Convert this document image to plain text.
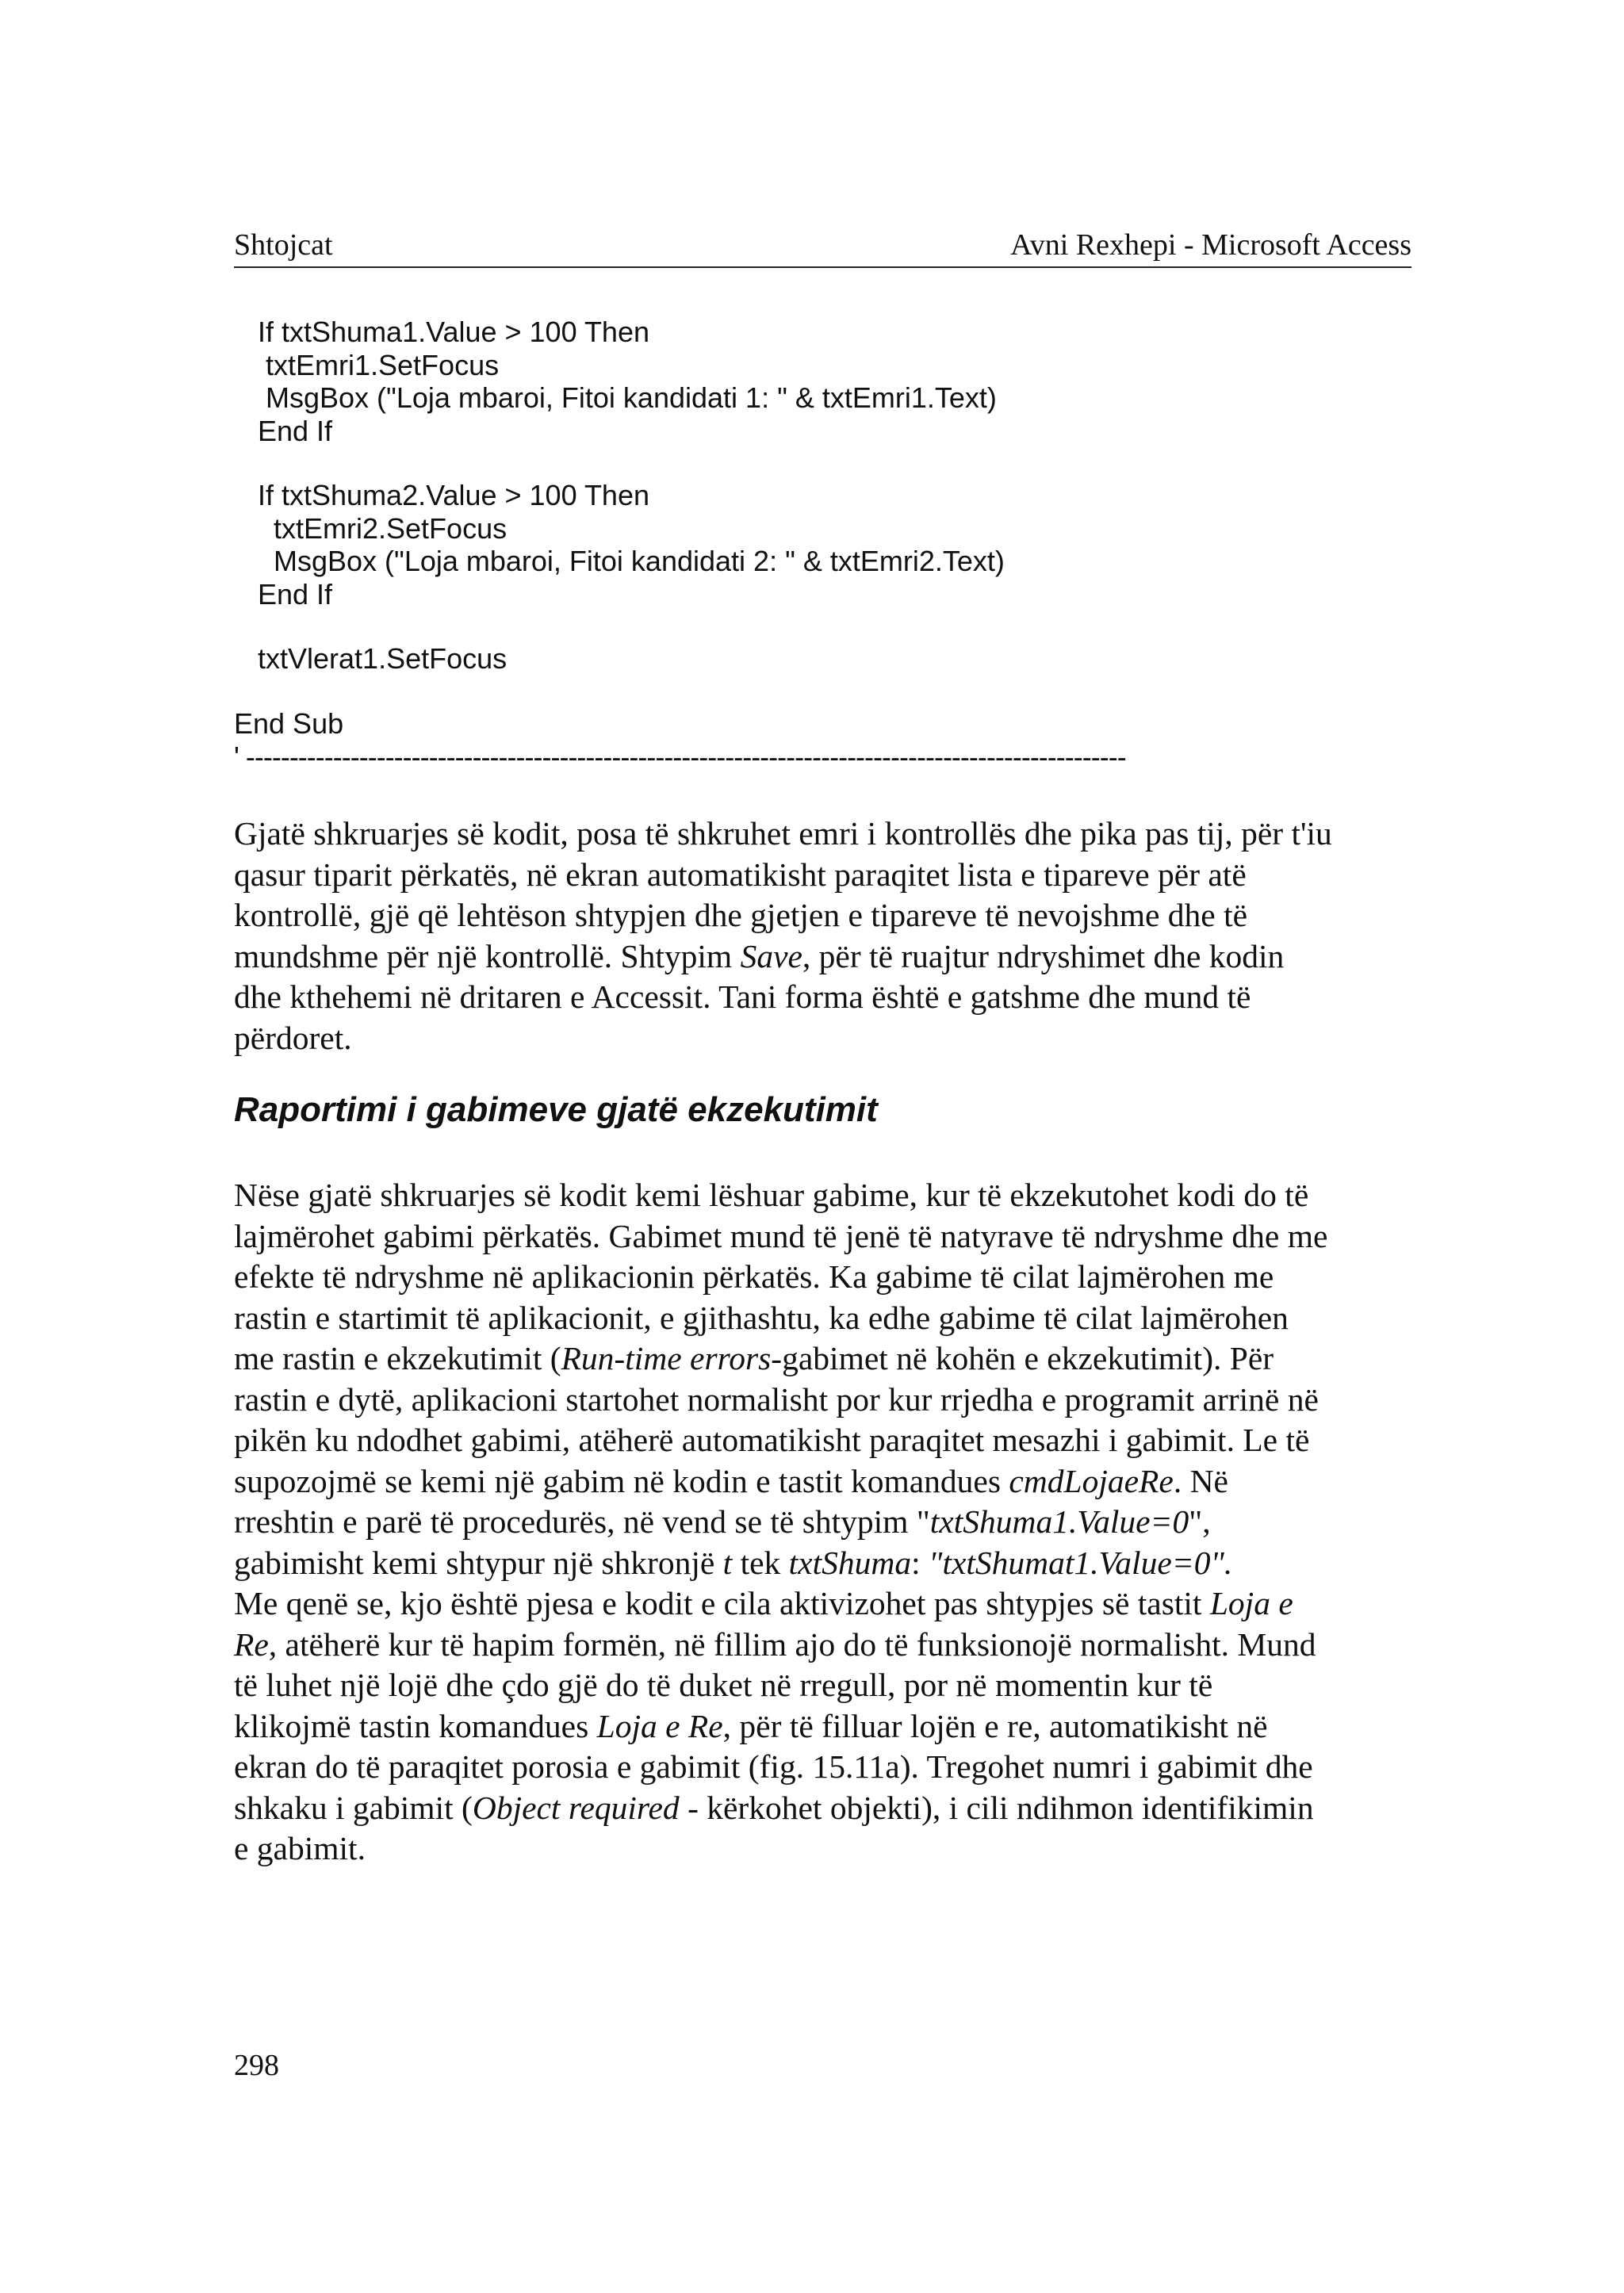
Shtojcat	Avni Rexhepi - Microsoft Access
If txtShuma1.Value > 100 Then
txtEmri1.SetFocus
MsgBox ("Loja mbaroi, Fitoi kandidati 1: " & txtEmri1.Text)
End If
If txtShuma2.Value > 100 Then
txtEmri2.SetFocus
MsgBox ("Loja mbaroi, Fitoi kandidati 2: " & txtEmri2.Text)
End If
txtVlerat1.SetFocus
End Sub
' -----------------------------------------------------------------------------------------------------
Gjatë shkruarjes së kodit, posa të shkruhet emri i kontrollës dhe pika pas tij, për t'iu
qasur tiparit përkatës, në ekran automatikisht paraqitet lista e tipareve për atë
kontrollë, gjë që lehtëson shtypjen dhe gjetjen e tipareve të nevojshme dhe të
mundshme për një kontrollë. Shtypim Save, për të ruajtur ndryshimet dhe kodin
dhe kthehemi në dritaren e Accessit. Tani forma është e gatshme dhe mund të
përdoret.
Raportimi i gabimeve gjatë ekzekutimit
Nëse gjatë shkruarjes së kodit kemi lëshuar gabime, kur të ekzekutohet kodi do të
lajmërohet gabimi përkatës. Gabimet mund të jenë të natyrave të ndryshme dhe me
efekte të ndryshme në aplikacionin përkatës. Ka gabime të cilat lajmërohen me
rastin e startimit të aplikacionit, e gjithashtu, ka edhe gabime të cilat lajmërohen
me rastin e ekzekutimit (Run-time errors-gabimet në kohën e ekzekutimit). Për
rastin e dytë, aplikacioni startohet normalisht por kur rrjedha e programit arrinë në
pikën ku ndodhet gabimi, atëherë automatikisht paraqitet mesazhi i gabimit. Le të
supozojmë se kemi një gabim në kodin e tastit komandues cmdLojaeRe. Në
rreshtin e parë të procedurës, në vend se të shtypim "txtShuma1.Value=0",
gabimisht kemi shtypur një shkronjë t tek txtShuma: "txtShumat1.Value=0".
Me qenë se, kjo është pjesa e kodit e cila aktivizohet pas shtypjes së tastit Loja e
Re, atëherë kur të hapim formën, në fillim ajo do të funksionojë normalisht. Mund
të luhet një lojë dhe çdo gjë do të duket në rregull, por në momentin kur të
klikojmë tastin komandues Loja e Re, për të filluar lojën e re, automatikisht në
ekran do të paraqitet porosia e gabimit (fig. 15.11a). Tregohet numri i gabimit dhe
shkaku i gabimit (Object required - kërkohet objekti), i cili ndihmon identifikimin
e gabimit.
298
